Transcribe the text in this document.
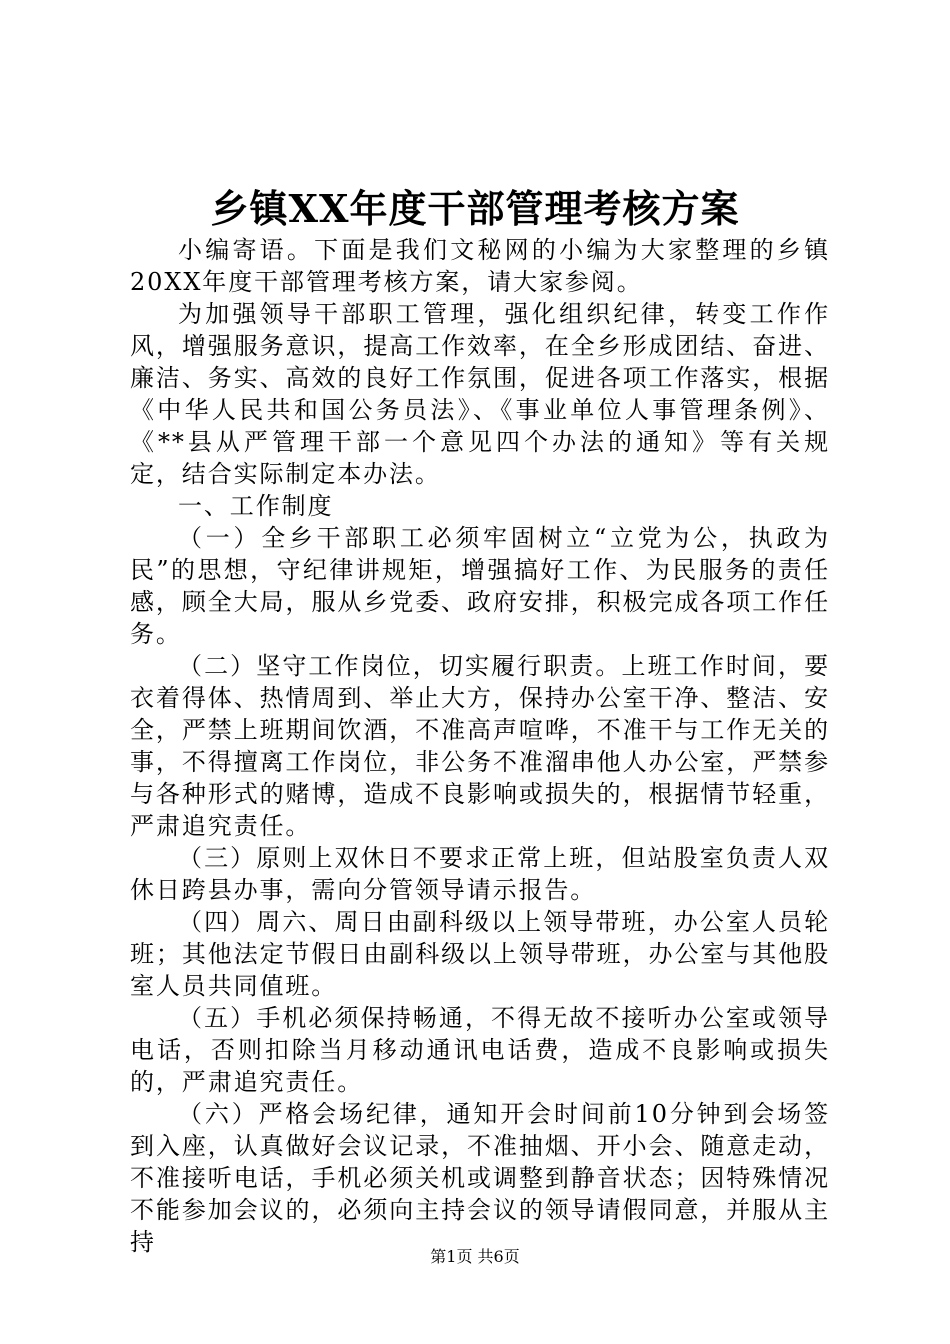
乡镇XX年度干部管理考核方案

小编寄语。下面是我们文秘网的小编为大家整理的乡镇20XX年度干部管理考核方案，请大家参阅。

为加强领导干部职工管理，强化组织纪律，转变工作作风，增强服务意识，提高工作效率，在全乡形成团结、奋进、廉洁、务实、高效的良好工作氛围，促进各项工作落实，根据《中华人民共和国公务员法》、《事业单位人事管理条例》、《**县从严管理干部一个意见四个办法的通知》等有关规定，结合实际制定本办法。

一、工作制度

（一）全乡干部职工必须牢固树立“立党为公，执政为民”的思想，守纪律讲规矩，增强搞好工作、为民服务的责任感，顾全大局，服从乡党委、政府安排，积极完成各项工作任务。

（二）坚守工作岗位，切实履行职责。上班工作时间，要衣着得体、热情周到、举止大方，保持办公室干净、整洁、安全，严禁上班期间饮酒，不准高声喧哗，不准干与工作无关的事，不得擅离工作岗位，非公务不准溜串他人办公室，严禁参与各种形式的赌博，造成不良影响或损失的，根据情节轻重，严肃追究责任。

（三）原则上双休日不要求正常上班，但站股室负责人双休日跨县办事，需向分管领导请示报告。

（四）周六、周日由副科级以上领导带班，办公室人员轮班；其他法定节假日由副科级以上领导带班，办公室与其他股室人员共同值班。

（五）手机必须保持畅通，不得无故不接听办公室或领导电话，否则扣除当月移动通讯电话费，造成不良影响或损失的，严肃追究责任。

（六）严格会场纪律，通知开会时间前10分钟到会场签到入座，认真做好会议记录，不准抽烟、开小会、随意走动，不准接听电话，手机必须关机或调整到静音状态；因特殊情况不能参加会议的，必须向主持会议的领导请假同意，并服从主持

第1页 共6页
